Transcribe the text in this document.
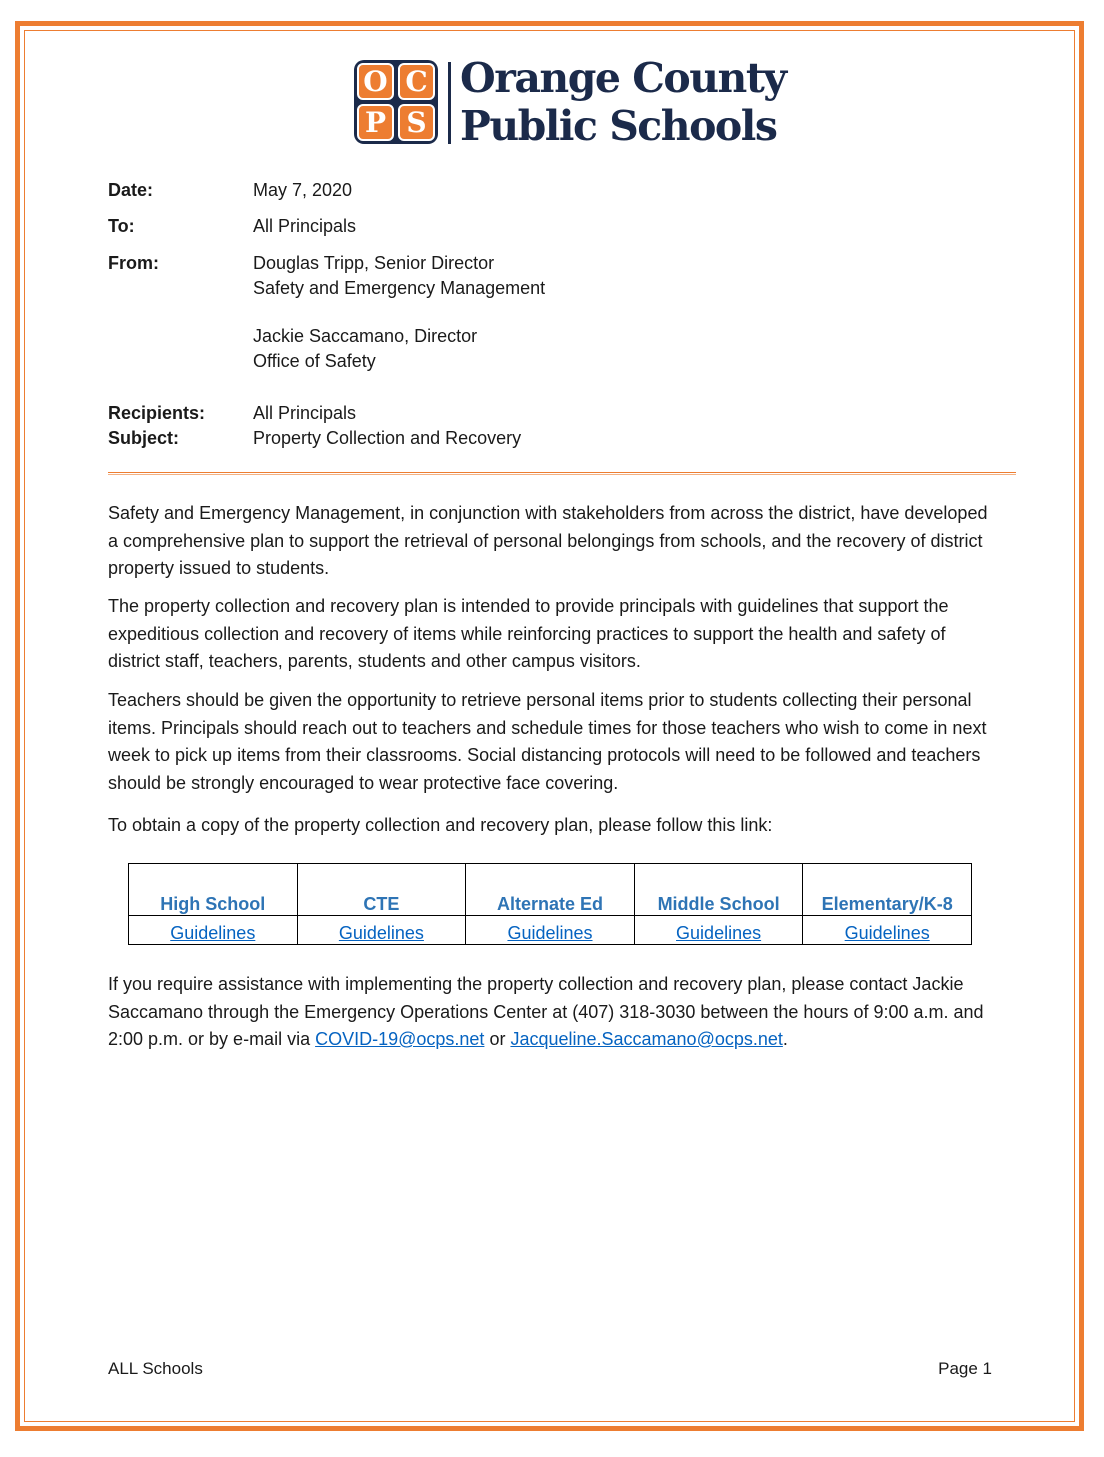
O C
P S
Orange County
Public Schools
Date:	May 7, 2020
To:	All Principals
From:	Douglas Tripp, Senior Director
Safety and Emergency Management
Jackie Saccamano, Director
Office of Safety
Recipients:	All Principals
Subject:	Property Collection and Recovery

Safety and Emergency Management, in conjunction with stakeholders from across the district, have developed a comprehensive plan to support the retrieval of personal belongings from schools, and the recovery of district property issued to students.

The property collection and recovery plan is intended to provide principals with guidelines that support the expeditious collection and recovery of items while reinforcing practices to support the health and safety of district staff, teachers, parents, students and other campus visitors.

Teachers should be given the opportunity to retrieve personal items prior to students collecting their personal items. Principals should reach out to teachers and schedule times for those teachers who wish to come in next week to pick up items from their classrooms. Social distancing protocols will need to be followed and teachers should be strongly encouraged to wear protective face covering.

To obtain a copy of the property collection and recovery plan, please follow this link:

High School	CTE	Alternate Ed	Middle School	Elementary/K-8
Guidelines	Guidelines	Guidelines	Guidelines	Guidelines

If you require assistance with implementing the property collection and recovery plan, please contact Jackie Saccamano through the Emergency Operations Center at (407) 318-3030 between the hours of 9:00 a.m. and 2:00 p.m. or by e-mail via COVID-19@ocps.net or Jacqueline.Saccamano@ocps.net.

ALL Schools	Page 1
